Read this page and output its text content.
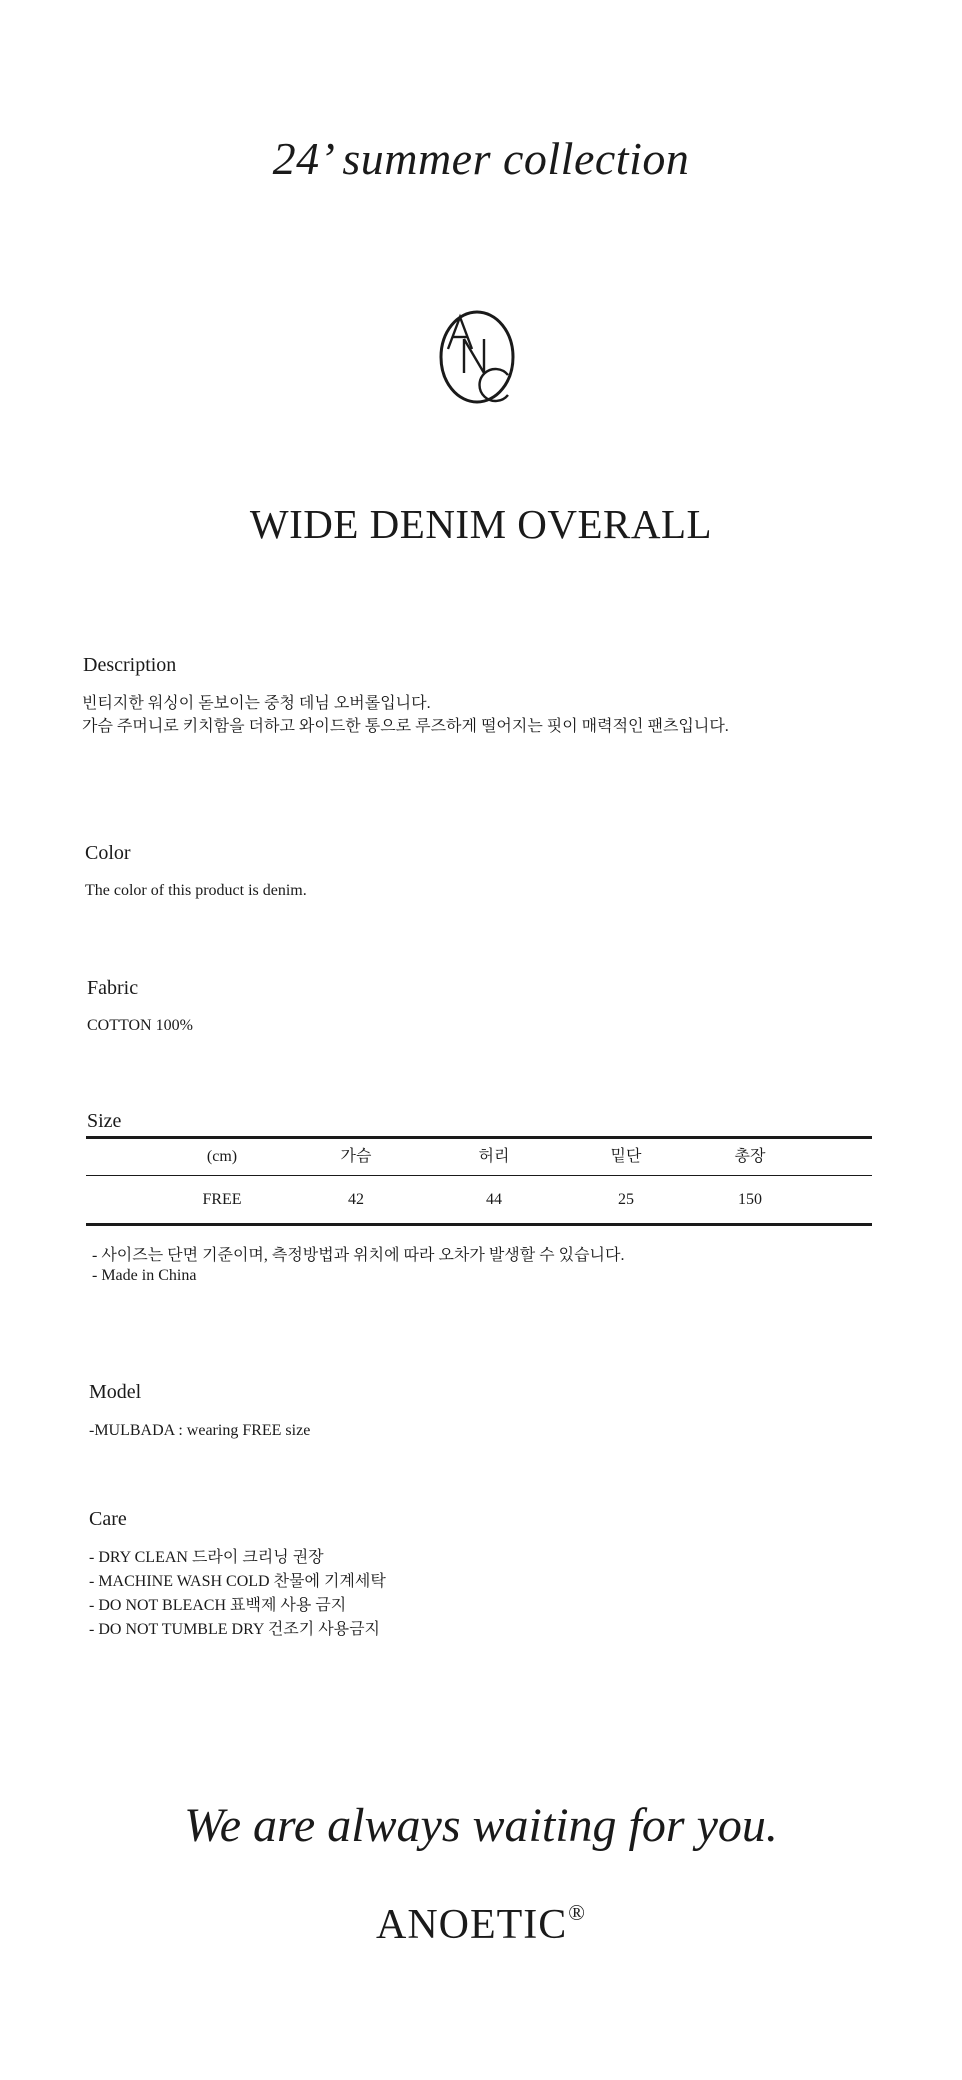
24’ summer collection
WIDE DENIM OVERALL
Description
빈티지한 워싱이 돋보이는 중청 데님 오버롤입니다.
가슴 주머니로 키치함을 더하고 와이드한 통으로 루즈하게 떨어지는 핏이 매력적인 팬츠입니다.
Color
The color of this product is denim.
Fabric
COTTON 100%
Size
(cm)	가슴	허리	밑단	총장
FREE	42	44	25	150
- 사이즈는 단면 기준이며, 측정방법과 위치에 따라 오차가 발생할 수 있습니다.
- Made in China
Model
-MULBADA : wearing FREE size
Care
- DRY CLEAN 드라이 크리닝 권장
- MACHINE WASH COLD 찬물에 기계세탁
- DO NOT BLEACH 표백제 사용 금지
- DO NOT TUMBLE DRY 건조기 사용금지
We are always waiting for you.
ANOETIC®
